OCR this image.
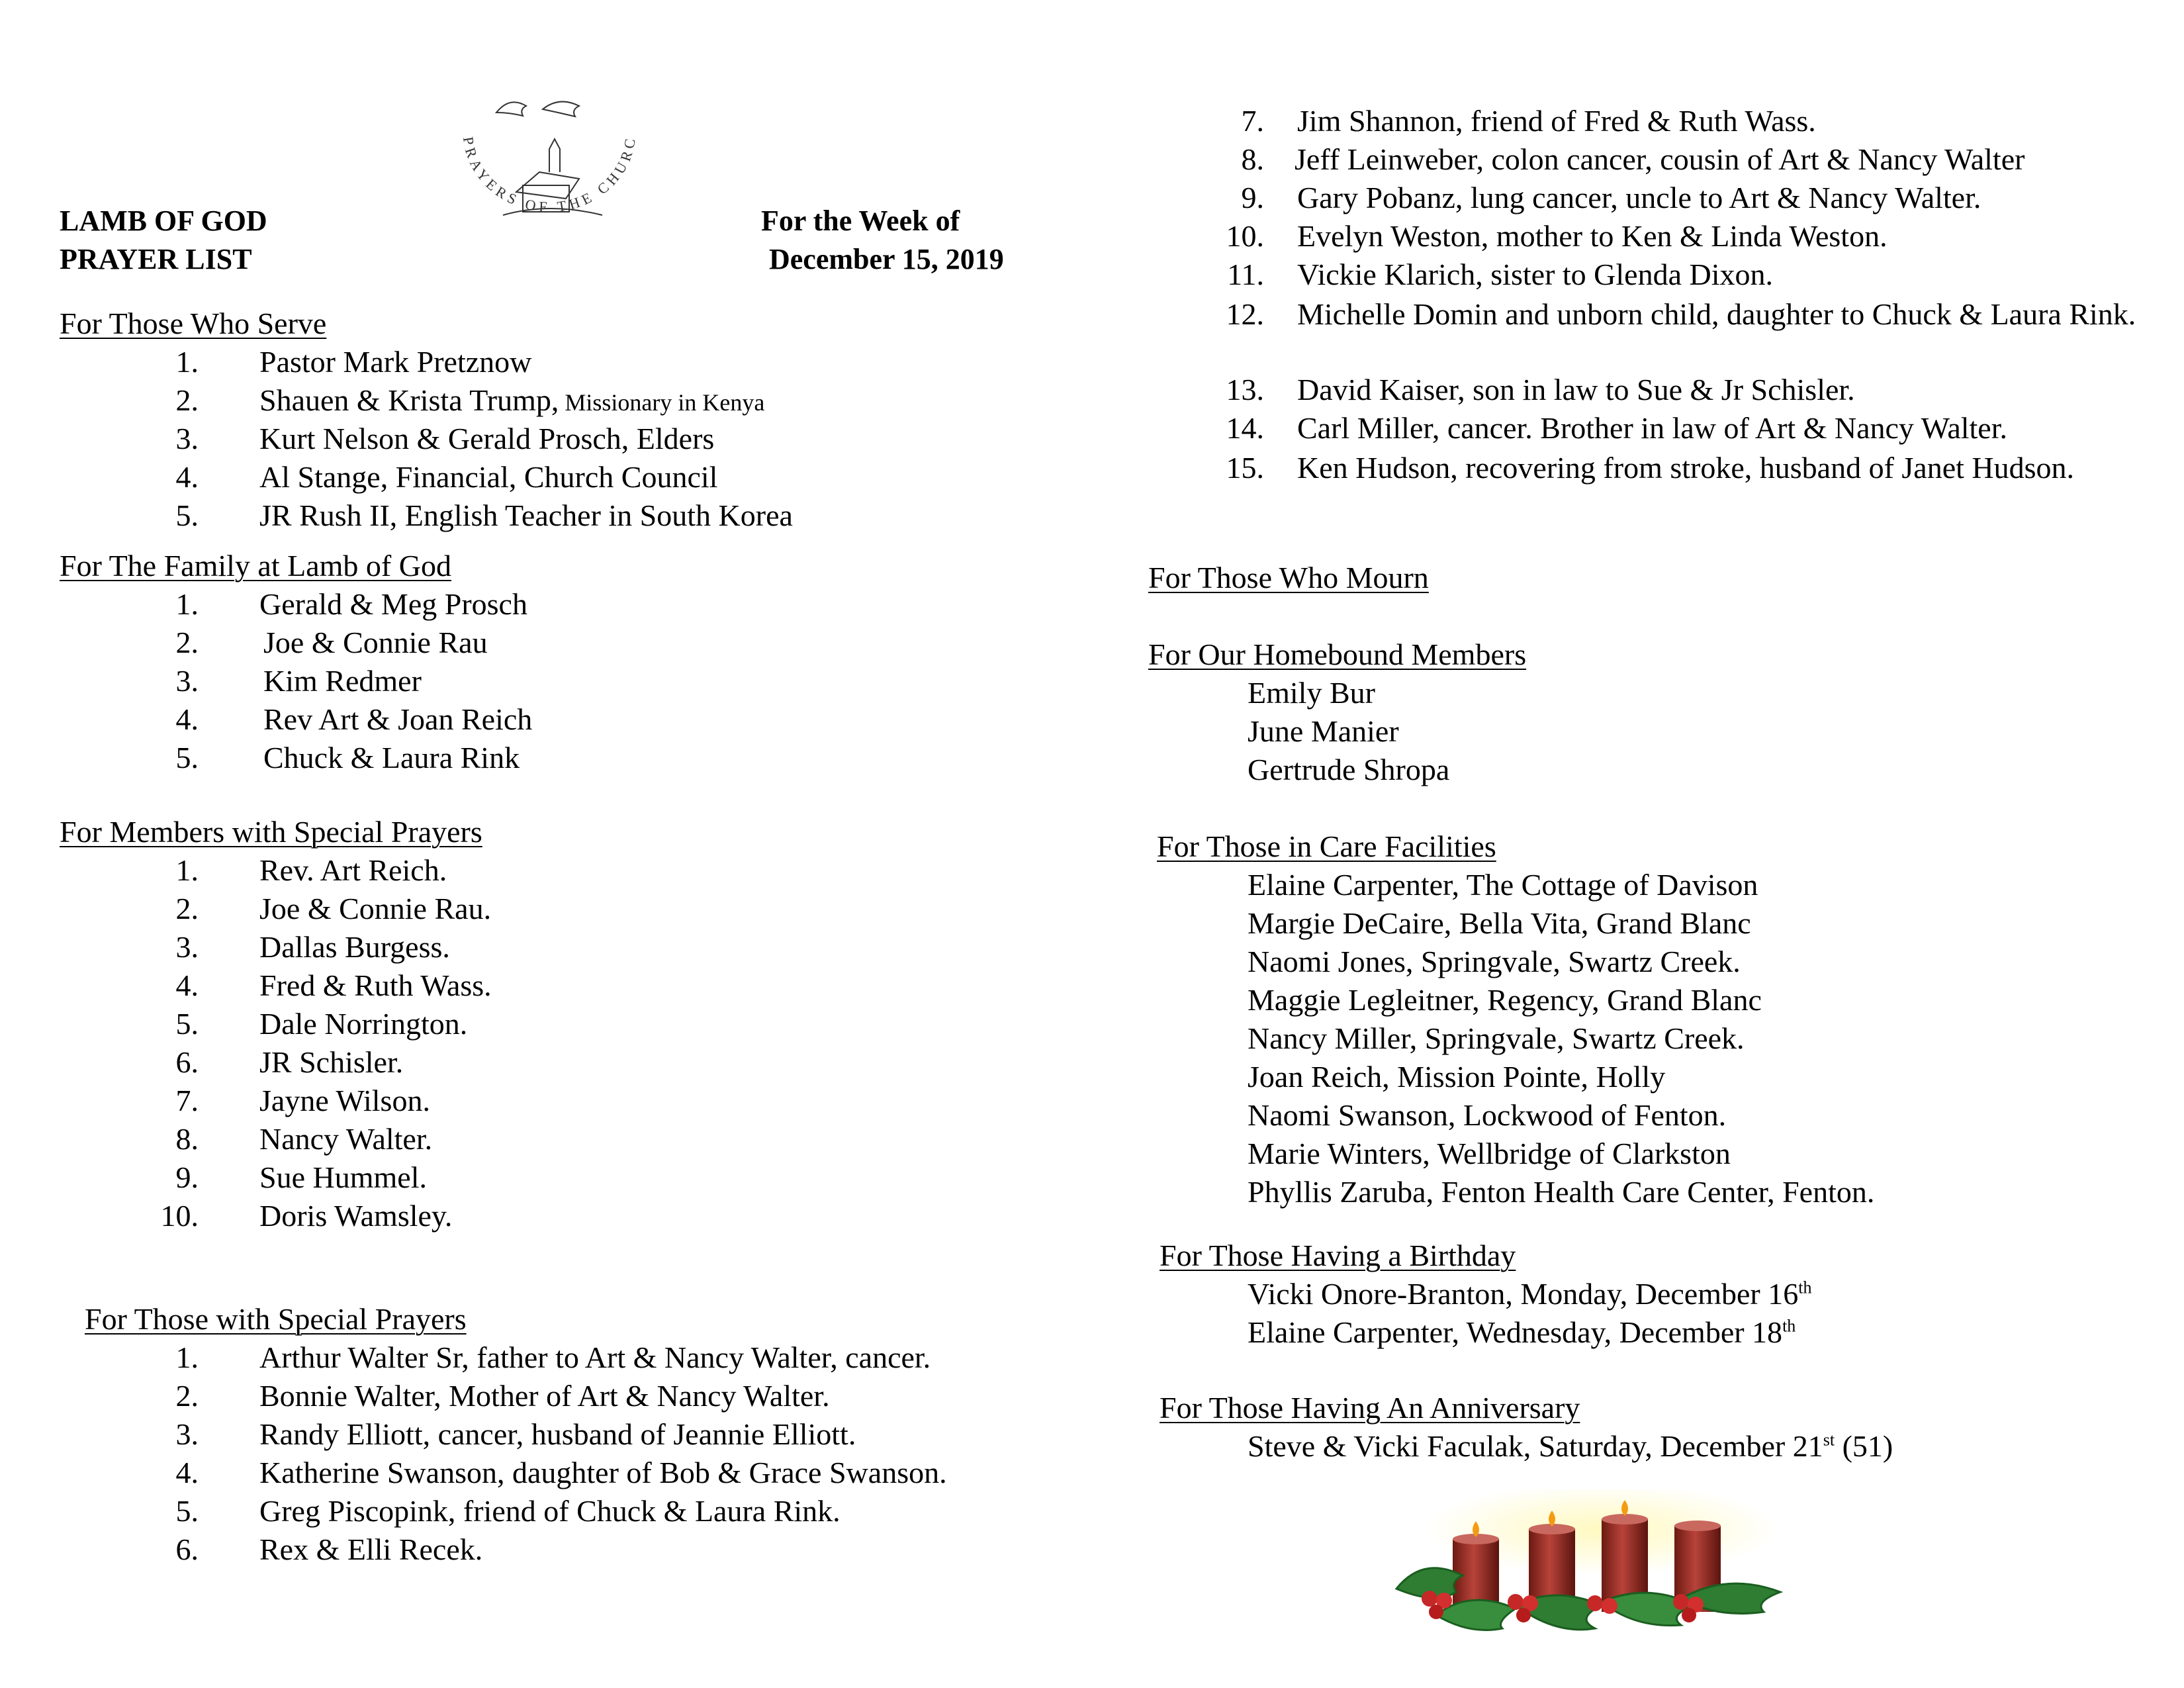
PRAYERS OF THE CHURC
LAMB OF GOD
PRAYER LIST
For the Week of
December 15, 2019
For Those Who Serve
1. Pastor Mark Pretznow
2. Shauen & Krista Trump, Missionary in Kenya
3. Kurt Nelson & Gerald Prosch, Elders
4. Al Stange, Financial, Church Council
5. JR Rush II, English Teacher in South Korea
For The Family at Lamb of God
1. Gerald & Meg Prosch
2. Joe & Connie Rau
3. Kim Redmer
4. Rev Art & Joan Reich
5. Chuck & Laura Rink
For Members with Special Prayers
1. Rev. Art Reich.
2. Joe & Connie Rau.
3. Dallas Burgess.
4. Fred & Ruth Wass.
5. Dale Norrington.
6. JR Schisler.
7. Jayne Wilson.
8. Nancy Walter.
9. Sue Hummel.
10. Doris Wamsley.
For Those with Special Prayers
1. Arthur Walter Sr, father to Art & Nancy Walter, cancer.
2. Bonnie Walter, Mother of Art & Nancy Walter.
3. Randy Elliott, cancer, husband of Jeannie Elliott.
4. Katherine Swanson, daughter of Bob & Grace Swanson.
5. Greg Piscopink, friend of Chuck & Laura Rink.
6. Rex & Elli Recek.
7. Jim Shannon, friend of Fred & Ruth Wass.
8. Jeff Leinweber, colon cancer, cousin of Art & Nancy Walter
9. Gary Pobanz, lung cancer, uncle to Art & Nancy Walter.
10. Evelyn Weston, mother to Ken & Linda Weston.
11. Vickie Klarich, sister to Glenda Dixon.
12. Michelle Domin and unborn child, daughter to Chuck & Laura Rink.
13. David Kaiser, son in law to Sue & Jr Schisler.
14. Carl Miller, cancer. Brother in law of Art & Nancy Walter.
15. Ken Hudson, recovering from stroke, husband of Janet Hudson.
For Those Who Mourn
For Our Homebound Members
Emily Bur
June Manier
Gertrude Shropa
For Those in Care Facilities
Elaine Carpenter, The Cottage of Davison
Margie DeCaire, Bella Vita, Grand Blanc
Naomi Jones, Springvale, Swartz Creek.
Maggie Legleitner, Regency, Grand Blanc
Nancy Miller, Springvale, Swartz Creek.
Joan Reich, Mission Pointe, Holly
Naomi Swanson, Lockwood of Fenton.
Marie Winters, Wellbridge of Clarkston
Phyllis Zaruba, Fenton Health Care Center, Fenton.
For Those Having a Birthday
Vicki Onore-Branton, Monday, December 16th
Elaine Carpenter, Wednesday, December 18th
For Those Having An Anniversary
Steve & Vicki Faculak, Saturday, December 21st (51)
